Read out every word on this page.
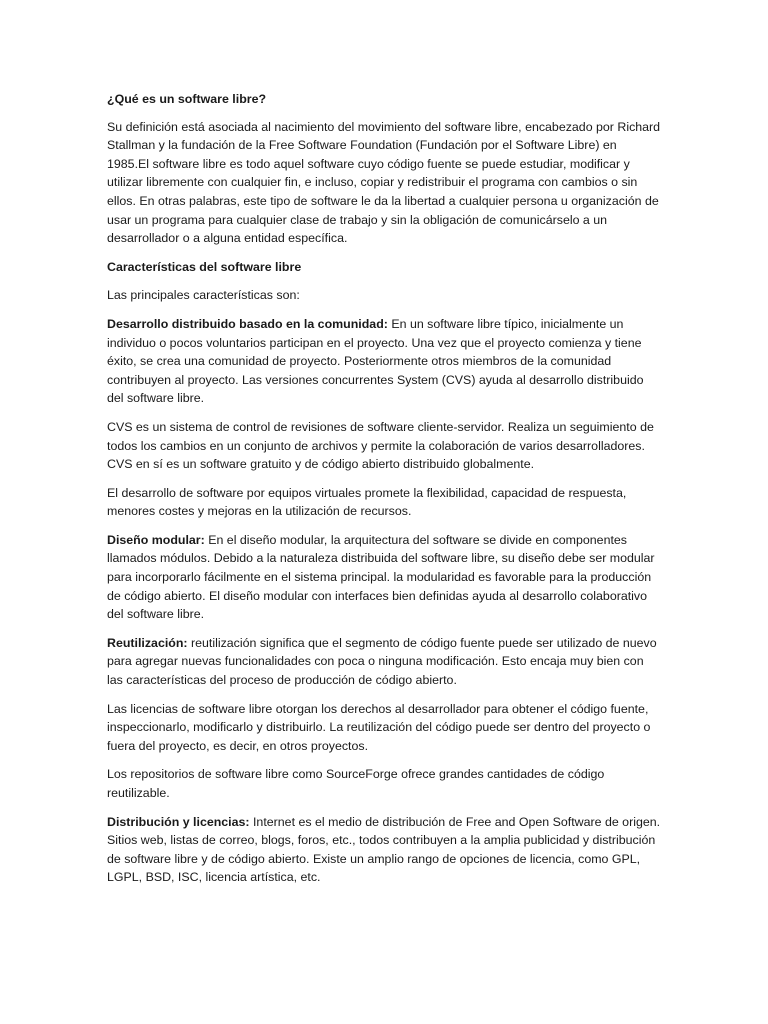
¿Qué es un software libre?

Su definición está asociada al nacimiento del movimiento del software libre, encabezado por Richard Stallman y la fundación de la Free Software Foundation (Fundación por el Software Libre) en 1985.El software libre es todo aquel software cuyo código fuente se puede estudiar, modificar y utilizar libremente con cualquier fin, e incluso, copiar y redistribuir el programa con cambios o sin ellos. En otras palabras, este tipo de software le da la libertad a cualquier persona u organización de usar un programa para cualquier clase de trabajo y sin la obligación de comunicárselo a un desarrollador o a alguna entidad específica.

Características del software libre

Las principales características son:

Desarrollo distribuido basado en la comunidad: En un software libre típico, inicialmente un individuo o pocos voluntarios participan en el proyecto. Una vez que el proyecto comienza y tiene éxito, se crea una comunidad de proyecto. Posteriormente otros miembros de la comunidad contribuyen al proyecto. Las versiones concurrentes System (CVS) ayuda al desarrollo distribuido del software libre.

CVS es un sistema de control de revisiones de software cliente-servidor. Realiza un seguimiento de todos los cambios en un conjunto de archivos y permite la colaboración de varios desarrolladores. CVS en sí es un software gratuito y de código abierto distribuido globalmente.

El desarrollo de software por equipos virtuales promete la flexibilidad, capacidad de respuesta, menores costes y mejoras en la utilización de recursos.

Diseño modular: En el diseño modular, la arquitectura del software se divide en componentes llamados módulos. Debido a la naturaleza distribuida del software libre, su diseño debe ser modular para incorporarlo fácilmente en el sistema principal. la modularidad es favorable para la producción de código abierto. El diseño modular con interfaces bien definidas ayuda al desarrollo colaborativo del software libre.

Reutilización: reutilización significa que el segmento de código fuente puede ser utilizado de nuevo para agregar nuevas funcionalidades con poca o ninguna modificación. Esto encaja muy bien con las características del proceso de producción de código abierto.

Las licencias de software libre otorgan los derechos al desarrollador para obtener el código fuente, inspeccionarlo, modificarlo y distribuirlo. La reutilización del código puede ser dentro del proyecto o fuera del proyecto, es decir, en otros proyectos.

Los repositorios de software libre como SourceForge ofrece grandes cantidades de código reutilizable.

Distribución y licencias: Internet es el medio de distribución de Free and Open Software de origen. Sitios web, listas de correo, blogs, foros, etc., todos contribuyen a la amplia publicidad y distribución de software libre y de código abierto. Existe un amplio rango de opciones de licencia, como GPL, LGPL, BSD, ISC, licencia artística, etc.
